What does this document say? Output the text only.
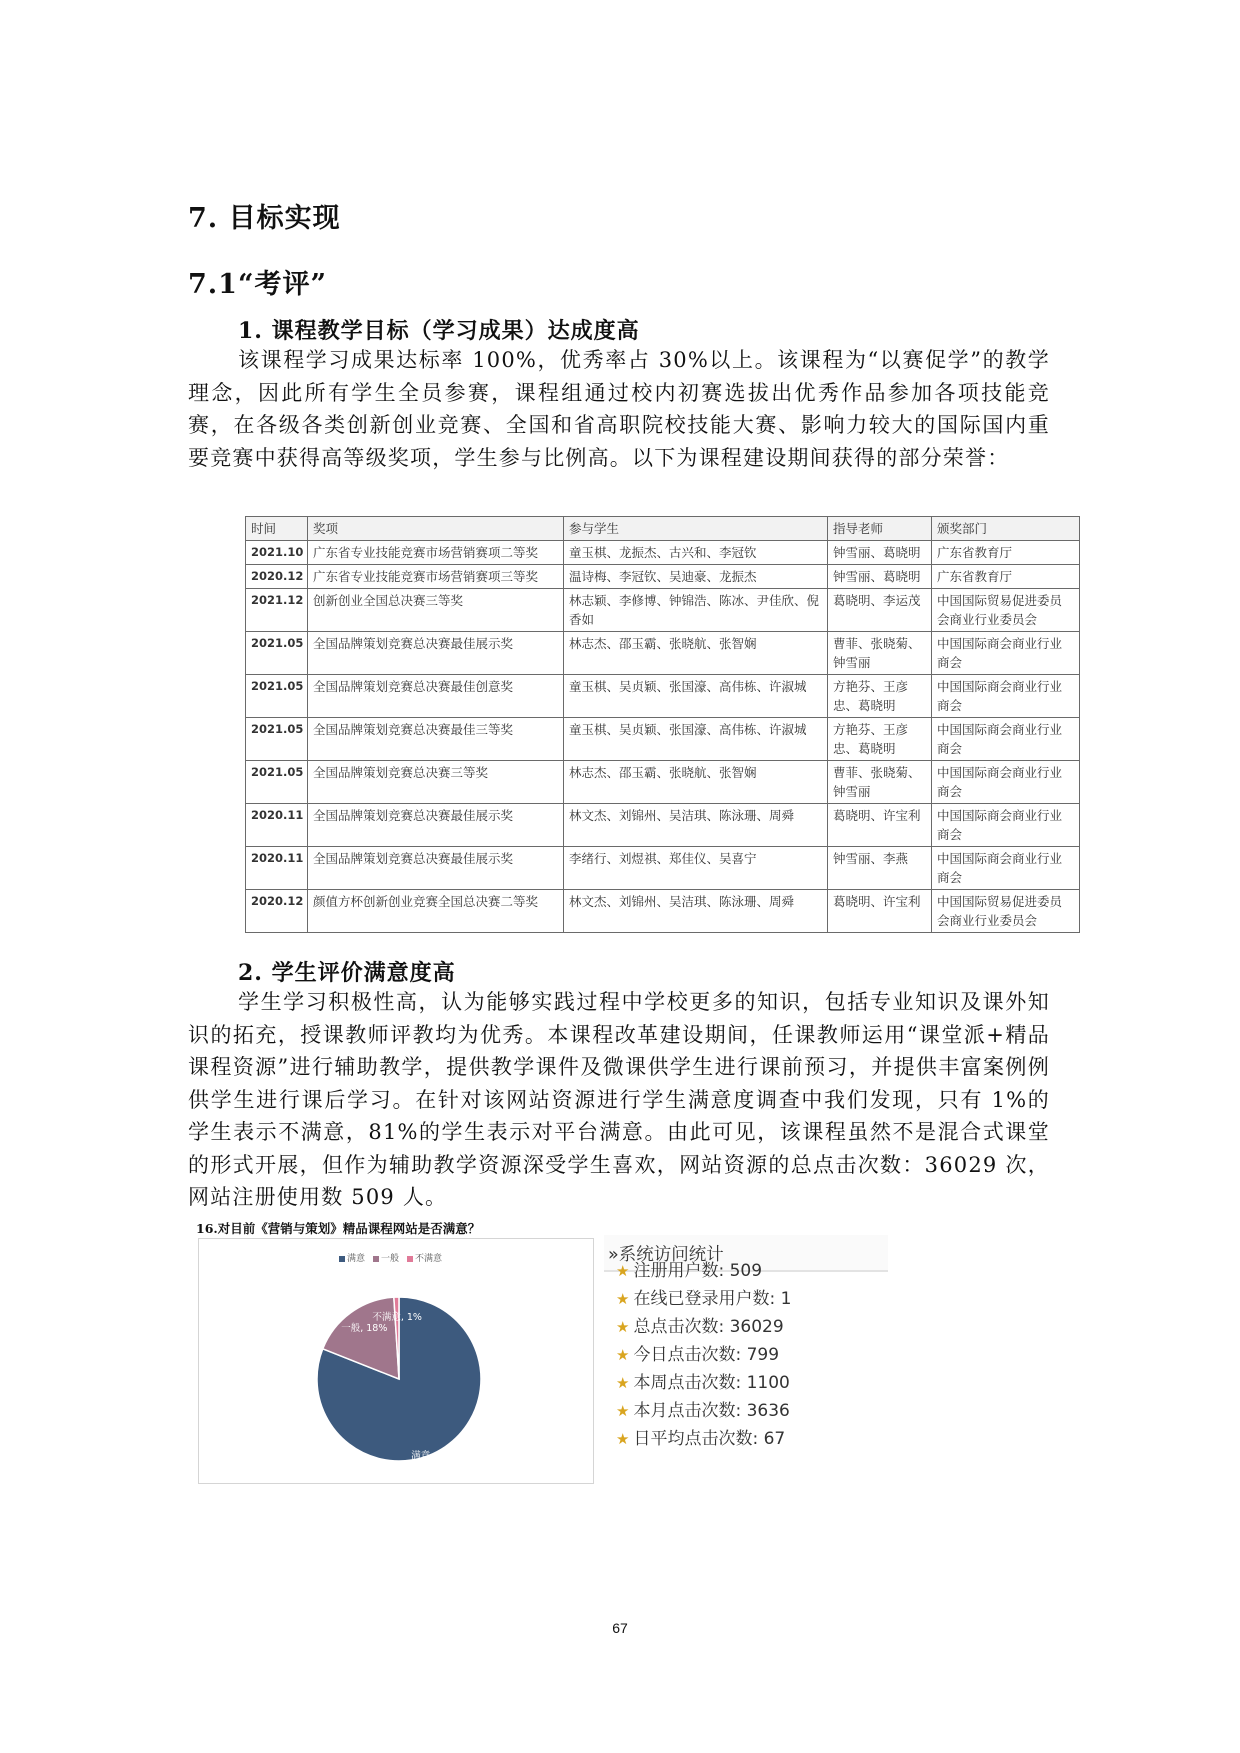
7. 目标实现
7.1“考评”
1. 课程教学目标（学习成果）达成度高

该课程学习成果达标率 100%，优秀率占 30%以上。该课程为“以赛促学”的教学理念，因此所有学生全员参赛，课程组通过校内初赛选拔出优秀作品参加各项技能竞赛，在各级各类创新创业竞赛、全国和省高职院校技能大赛、影响力较大的国际国内重要竞赛中获得高等级奖项，学生参与比例高。以下为课程建设期间获得的部分荣誉：

时间	奖项	参与学生	指导老师	颁奖部门
2021.10	广东省专业技能竞赛市场营销赛项二等奖	童玉棋、龙振杰、古兴和、李冠钦	钟雪丽、葛晓明	广东省教育厅
2020.12	广东省专业技能竞赛市场营销赛项三等奖	温诗梅、李冠钦、吴迪豪、龙振杰	钟雪丽、葛晓明	广东省教育厅
2021.12	创新创业全国总决赛三等奖	林志颖、李修博、钟锦浩、陈冰、尹佳欣、倪香如	葛晓明、李运茂	中国国际贸易促进委员会商业行业委员会
2021.05	全国品牌策划竞赛总决赛最佳展示奖	林志杰、邵玉霸、张晓航、张智娴	曹菲、张晓菊、钟雪丽	中国国际商会商业行业商会
2021.05	全国品牌策划竞赛总决赛最佳创意奖	童玉棋、吴贞颖、张国濠、高伟栋、许淑城	方艳芬、王彦忠、葛晓明	中国国际商会商业行业商会
2021.05	全国品牌策划竞赛总决赛最佳三等奖	童玉棋、吴贞颖、张国濠、高伟栋、许淑城	方艳芬、王彦忠、葛晓明	中国国际商会商业行业商会
2021.05	全国品牌策划竞赛总决赛三等奖	林志杰、邵玉霸、张晓航、张智娴	曹菲、张晓菊、钟雪丽	中国国际商会商业行业商会
2020.11	全国品牌策划竞赛总决赛最佳展示奖	林文杰、刘锦州、吴洁琪、陈泳珊、周舜	葛晓明、许宝利	中国国际商会商业行业商会
2020.11	全国品牌策划竞赛总决赛最佳展示奖	李绪行、刘煜祺、郑佳仪、吴喜宁	钟雪丽、李燕	中国国际商会商业行业商会
2020.12	颜值方杯创新创业竞赛全国总决赛二等奖	林文杰、刘锦州、吴洁琪、陈泳珊、周舜	葛晓明、许宝利	中国国际贸易促进委员会商业行业委员会
2. 学生评价满意度高

学生学习积极性高，认为能够实践过程中学校更多的知识，包括专业知识及课外知识的拓充，授课教师评教均为优秀。本课程改革建设期间，任课教师运用“课堂派+精品课程资源”进行辅助教学，提供教学课件及微课供学生进行课前预习，并提供丰富案例例供学生进行课后学习。在针对该网站资源进行学生满意度调查中我们发现，只有 1%的学生表示不满意，81%的学生表示对平台满意。由此可见，该课程虽然不是混合式课堂的形式开展，但作为辅助教学资源深受学生喜欢，网站资源的总点击次数：36029 次，网站注册使用数 509 人。

16.对目前《营销与策划》精品课程网站是否满意？
满意	一般	不满意
满意, 81%
一般, 18%
不满意, 1%
»系统访问统计
★ 注册用户数: 509
★ 在线已登录用户数: 1
★ 总点击次数: 36029
★ 今日点击次数: 799
★ 本周点击次数: 1100
★ 本月点击次数: 3636
★ 日平均点击次数: 67
67
